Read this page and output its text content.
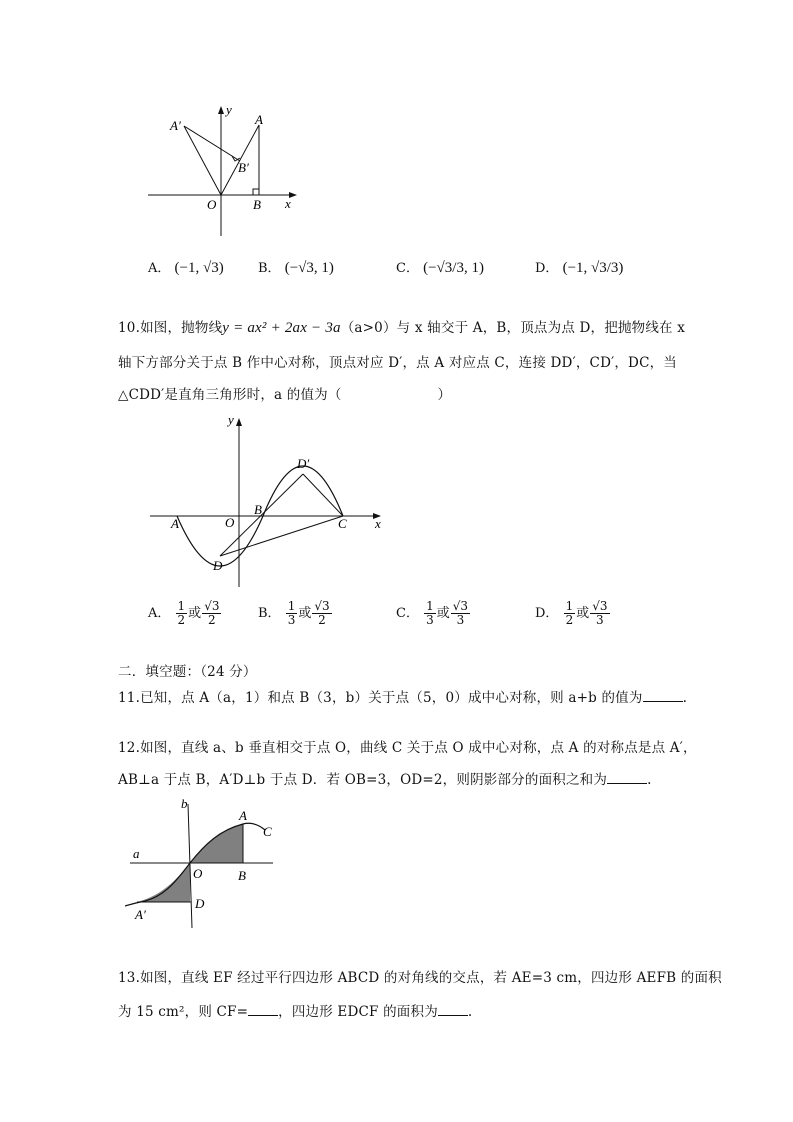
A′	A
B′
O	B x
y
A． (−1, √3)	B． (−√3, 1)	C． (−√3/3, 1)	D． (−1, √3/3)
10.如图，抛物线y = ax² + 2ax − 3a（a>0）与 x 轴交于 A，B，顶点为点 D，把抛物线在 x
轴下方部分关于点 B 作中心对称，顶点对应 D′，点 A 对应点 C，连接 DD′，CD′，DC，当
△CDD′是直角三角形时，a 的值为（　　　　　　　）
y
D′
A	O
B
C x
D
A． $\frac{1}{2}$ 或 $\frac{√3}{2}$	B． $\frac{1}{3}$ 或 $\frac{√3}{2}$	C． $\frac{1}{3}$ 或 $\frac{√3}{3}$	D． $\frac{1}{2}$ 或 $\frac{√3}{3}$
二．填空题：（24 分）
11.已知，点 A（a，1）和点 B（3，b）关于点（5，0）成中心对称，则 a+b 的值为	.
12.如图，直线 a、b 垂直相交于点 O，曲线 C 关于点 O 成中心对称，点 A 的对称点是点 A′，
AB⊥a 于点 B，A′D⊥b 于点 D．若 OB=3，OD=2，则阴影部分的面积之和为	.
b
A
C
a
O	B
A′
D
13.如图，直线 EF 经过平行四边形 ABCD 的对角线的交点，若 AE=3 cm，四边形 AEFB 的面积
为 15 cm²，则 CF= ，四边形 EDCF 的面积为 .
